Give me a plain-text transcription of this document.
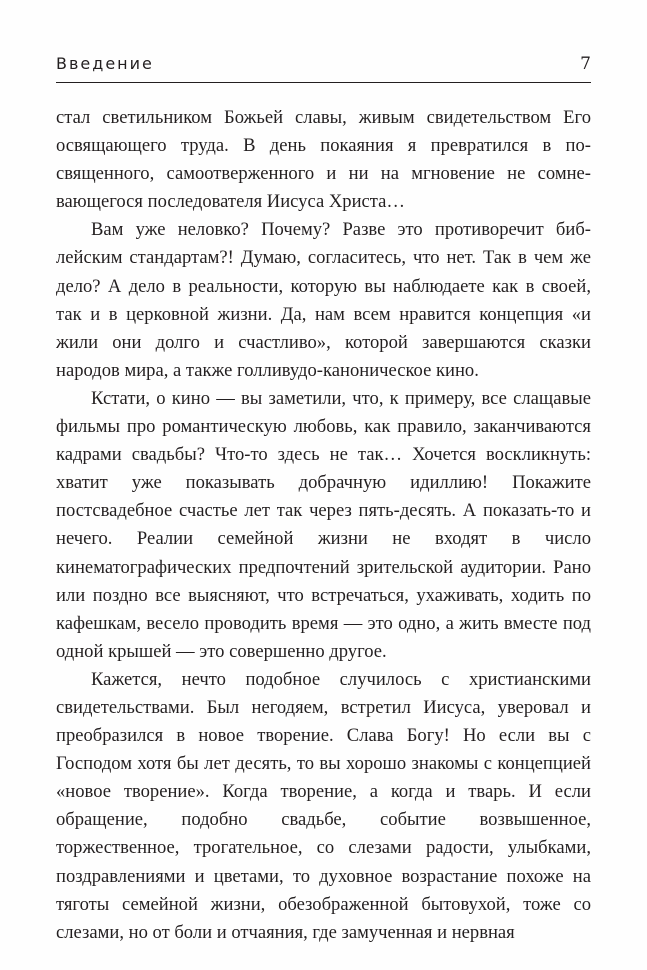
Введение	7

стал светильником Божьей славы, живым свидетельством Его освящающего труда. В день покаяния я превратился в посвященного, самоотверженного и ни на мгновение не сомневающегося последователя Иисуса Христа…

Вам уже неловко? Почему? Разве это противоречит библейским стандартам?! Думаю, согласитесь, что нет. Так в чем же дело? А дело в реальности, которую вы наблюдаете как в своей, так и в церковной жизни. Да, нам всем нравится концепция «и жили они долго и счастливо», которой завершаются сказки народов мира, а также голливудо-каноническое кино.

Кстати, о кино — вы заметили, что, к примеру, все слащавые фильмы про романтическую любовь, как правило, заканчиваются кадрами свадьбы? Что-то здесь не так… Хочется воскликнуть: хватит уже показывать добрачную идиллию! Покажите постсвадебное счастье лет так через пять-десять. А показать-то и нечего. Реалии семейной жизни не входят в число кинематографических предпочтений зрительской аудитории. Рано или поздно все выясняют, что встречаться, ухаживать, ходить по кафешкам, весело проводить время — это одно, а жить вместе под одной крышей — это совершенно другое.

Кажется, нечто подобное случилось с христианскими свидетельствами. Был негодяем, встретил Иисуса, уверовал и преобразился в новое творение. Слава Богу! Но если вы с Господом хотя бы лет десять, то вы хорошо знакомы с концепцией «новое творение». Когда творение, а когда и тварь. И если обращение, подобно свадьбе, событие возвышенное, торжественное, трогательное, со слезами радости, улыбками, поздравлениями и цветами, то духовное возрастание похоже на тяготы семейной жизни, обезображенной бытовухой, тоже со слезами, но от боли и отчаяния, где замученная и нервная
